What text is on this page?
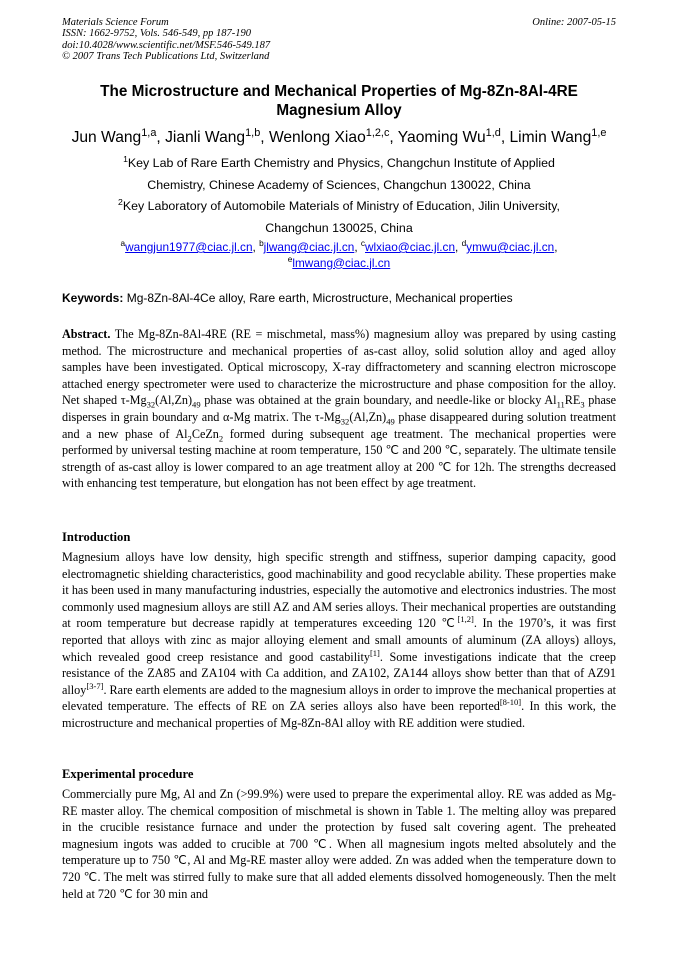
Materials Science Forum
ISSN: 1662-9752, Vols. 546-549, pp 187-190
doi:10.4028/www.scientific.net/MSF.546-549.187
© 2007 Trans Tech Publications Ltd, Switzerland
Online: 2007-05-15
The Microstructure and Mechanical Properties of Mg-8Zn-8Al-4RE
Magnesium Alloy
Jun Wang$^{1,a}$, Jianli Wang$^{1,b}$, Wenlong Xiao$^{1,2,c}$, Yaoming Wu$^{1,d}$, Limin Wang$^{1,e}$
$^1$Key Lab of Rare Earth Chemistry and Physics, Changchun Institute of Applied
Chemistry, Chinese Academy of Sciences, Changchun 130022, China
$^2$Key Laboratory of Automobile Materials of Ministry of Education, Jilin University,
Changchun 130025, China
$^a$wangjun1977@ciac.jl.cn, $^b$jlwang@ciac.jl.cn, $^c$wlxiao@ciac.jl.cn, $^d$ymwu@ciac.jl.cn,
$^e$lmwang@ciac.jl.cn
Keywords: Mg-8Zn-8Al-4Ce alloy, Rare earth, Microstructure, Mechanical properties
Abstract. The Mg-8Zn-8Al-4RE (RE = mischmetal, mass%) magnesium alloy was prepared by using casting method. The microstructure and mechanical properties of as-cast alloy, solid solution alloy and aged alloy samples have been investigated. Optical microscopy, X-ray diffractometery and scanning electron microscope attached energy spectrometer were used to characterize the microstructure and phase composition for the alloy. Net shaped $\tau-Mg_{32}(Al,Zn)_{49}$ phase was obtained at the grain boundary, and needle-like or blocky $Al_{11}RE_3$ phase disperses in grain boundary and α-Mg matrix. The $\tau-Mg_{32}(Al,Zn)_{49}$ phase disappeared during solution treatment and a new phase of $Al_2CeZn_2$ formed during subsequent age treatment. The mechanical properties were performed by universal testing machine at room temperature, 150 ℃ and 200 ℃, separately. The ultimate tensile strength of as-cast alloy is lower compared to an age treatment alloy at 200 ℃ for 12h. The strengths decreased with enhancing test temperature, but elongation has not been effect by age treatment.
Introduction
Magnesium alloys have low density, high specific strength and stiffness, superior damping capacity, good electromagnetic shielding characteristics, good machinability and good recyclable ability. These properties make it has been used in many manufacturing industries, especially the automotive and electronics industries. The most commonly used magnesium alloys are still AZ and AM series alloys. Their mechanical properties are outstanding at room temperature but decrease rapidly at temperatures exceeding 120 ℃[1,2]. In the 1970’s, it was first reported that alloys with zinc as major alloying element and small amounts of aluminum (ZA alloys) alloys, which revealed good creep resistance and good castability[1]. Some investigations indicate that the creep resistance of the ZA85 and ZA104 with Ca addition, and ZA102, ZA144 alloys show better than that of AZ91 alloy[3-7]. Rare earth elements are added to the magnesium alloys in order to improve the mechanical properties at elevated temperature. The effects of RE on ZA series alloys also have been reported[8-10]. In this work, the microstructure and mechanical properties of Mg-8Zn-8Al alloy with RE addition were studied.
Experimental procedure
Commercially pure Mg, Al and Zn (>99.9%) were used to prepare the experimental alloy. RE was added as Mg-RE master alloy. The chemical composition of mischmetal is shown in Table 1. The melting alloy was prepared in the crucible resistance furnace and under the protection by fused salt covering agent. The preheated magnesium ingots was added to crucible at 700 ℃. When all magnesium ingots melted absolutely and the temperature up to 750 ℃, Al and Mg-RE master alloy were added. Zn was added when the temperature down to 720 ℃. The melt was stirred fully to make sure that all added elements dissolved homogeneously. Then the melt held at 720 ℃ for 30 min and
